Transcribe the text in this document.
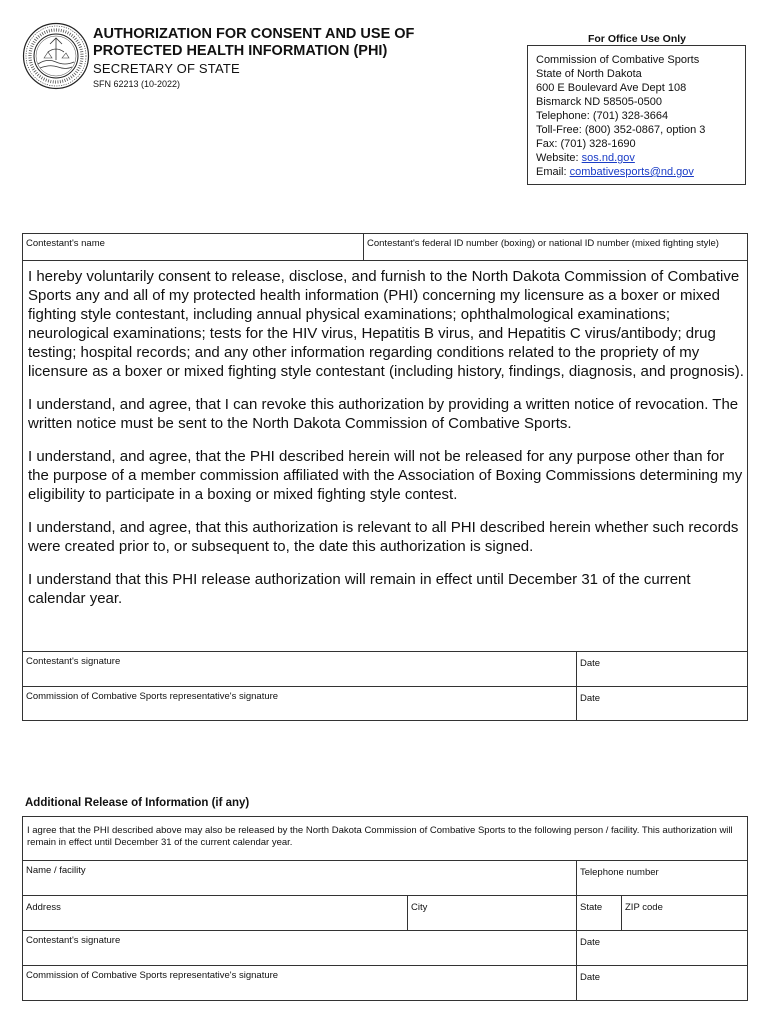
AUTHORIZATION FOR CONSENT AND USE OF
PROTECTED HEALTH INFORMATION (PHI)
SECRETARY OF STATE
SFN 62213 (10-2022)
For Office Use Only
Commission of Combative Sports
State of North Dakota
600 E Boulevard Ave Dept 108
Bismarck ND 58505-0500
Telephone: (701) 328-3664
Toll-Free: (800) 352-0867, option 3
Fax: (701) 328-1690
Website: sos.nd.gov
Email: combativesports@nd.gov
Contestant's name	Contestant's federal ID number (boxing) or national ID number (mixed fighting style)

I hereby voluntarily consent to release, disclose, and furnish to the North Dakota Commission of Combative Sports any and all of my protected health information (PHI) concerning my licensure as a boxer or mixed fighting style contestant, including annual physical examinations; ophthalmological examinations; neurological examinations; tests for the HIV virus, Hepatitis B virus, and Hepatitis C virus/antibody; drug testing; hospital records; and any other information regarding conditions related to the propriety of my licensure as a boxer or mixed fighting style contestant (including history, findings, diagnosis, and prognosis).

I understand, and agree, that I can revoke this authorization by providing a written notice of revocation. The written notice must be sent to the North Dakota Commission of Combative Sports.

I understand, and agree, that the PHI described herein will not be released for any purpose other than for the purpose of a member commission affiliated with the Association of Boxing Commissions determining my eligibility to participate in a boxing or mixed fighting style contest.

I understand, and agree, that this authorization is relevant to all PHI described herein whether such records were created prior to, or subsequent to, the date this authorization is signed.

I understand that this PHI release authorization will remain in effect until December 31 of the current calendar year.

Contestant's signature	Date
Commission of Combative Sports representative's signature	Date
Additional Release of Information (if any)
I agree that the PHI described above may also be released by the North Dakota Commission of Combative Sports to the following person / facility. This authorization will remain in effect until December 31 of the current calendar year.
Name / facility	Telephone number
Address	City	State	ZIP code
Contestant's signature	Date
Commission of Combative Sports representative's signature	Date
